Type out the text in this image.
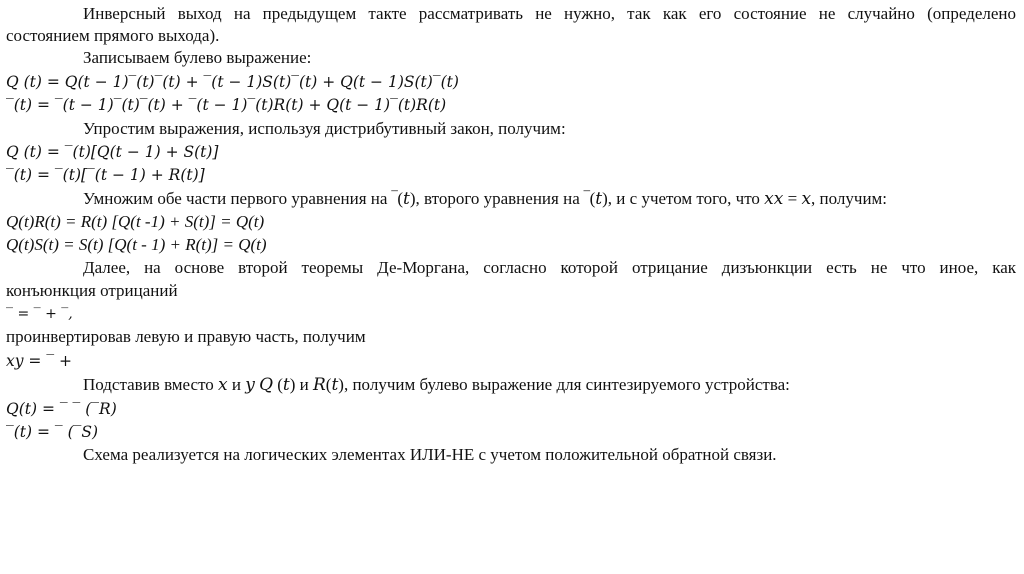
Инверсный выход на предыдущем такте рассматривать не нужно, так как его состояние не случайно (определено
состоянием прямого выхода).
Записываем булево выражение:
𝑄 (𝑡) = 𝑄(𝑡 − 1)‾(𝑡)‾(𝑡) + ‾(𝑡 − 1)𝑆(𝑡)‾(𝑡) + 𝑄(𝑡 − 1)𝑆(𝑡)‾(𝑡)
‾(𝑡) = ‾(𝑡 − 1)‾(𝑡)‾(𝑡) + ‾(𝑡 − 1)‾(𝑡)𝑅(𝑡) + 𝑄(𝑡 − 1)‾(𝑡)𝑅(𝑡)
Упростим выражения, используя дистрибутивный закон, получим:
𝑄 (𝑡) = ‾(𝑡)[𝑄(𝑡 − 1) + 𝑆(𝑡)]
‾(𝑡) = ‾(𝑡)[‾(𝑡 − 1) + 𝑅(𝑡)]
Умножим обе части первого уравнения на ‾(𝑡), второго уравнения на ‾(𝑡), и с учетом того, что 𝑥𝑥 = 𝑥, получим:
Q(t)R(t) = R(t) [Q(t -1) + S(t)] = Q(t)
Q(t)S(t) = S(t) [Q(t - 1) + R(t)] = Q(t)
Далее, на основе второй теоремы Де-Моргана, согласно которой отрицание дизъюнкции есть не что иное, как
конъюнкция отрицаний
‾ = ‾ + ‾,
проинвертировав левую и правую часть, получим
𝑥𝑦 = ‾ +
Подставив вместо 𝑥 и 𝑦 𝑄 (𝑡) и 𝑅(𝑡), получим булево выражение для синтезируемого устройства:
𝑄(𝑡) = ‾ ‾ (‾𝑅)
‾(𝑡) = ‾ (‾𝑆)
Схема реализуется на логических элементах ИЛИ-НЕ с учетом положительной обратной связи.
